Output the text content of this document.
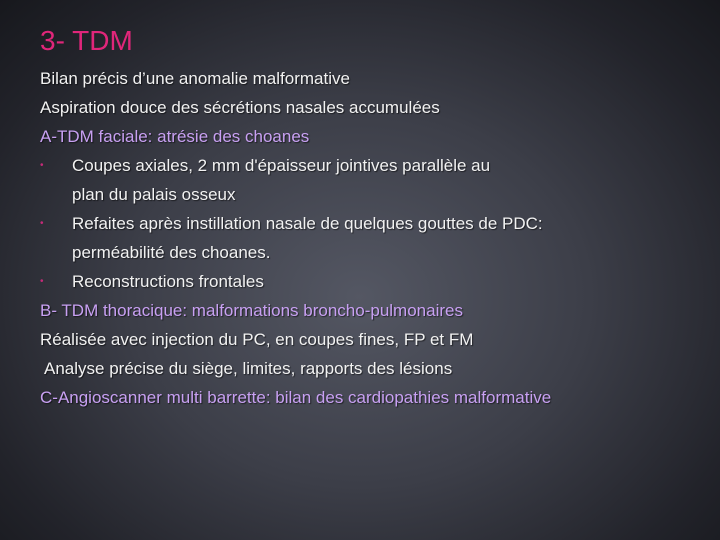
3- TDM
Bilan précis d’une anomalie malformative
Aspiration douce des sécrétions nasales accumulées
A-TDM faciale: atrésie des choanes
• Coupes axiales, 2 mm d'épaisseur jointives parallèle au
plan du palais osseux
• Refaites après instillation nasale de quelques gouttes de PDC:
perméabilité des choanes.
• Reconstructions frontales
B- TDM thoracique: malformations broncho-pulmonaires
Réalisée avec injection du PC, en coupes fines, FP et FM
Analyse précise du siège, limites, rapports des lésions
C-Angioscanner multi barrette: bilan des cardiopathies malformative
